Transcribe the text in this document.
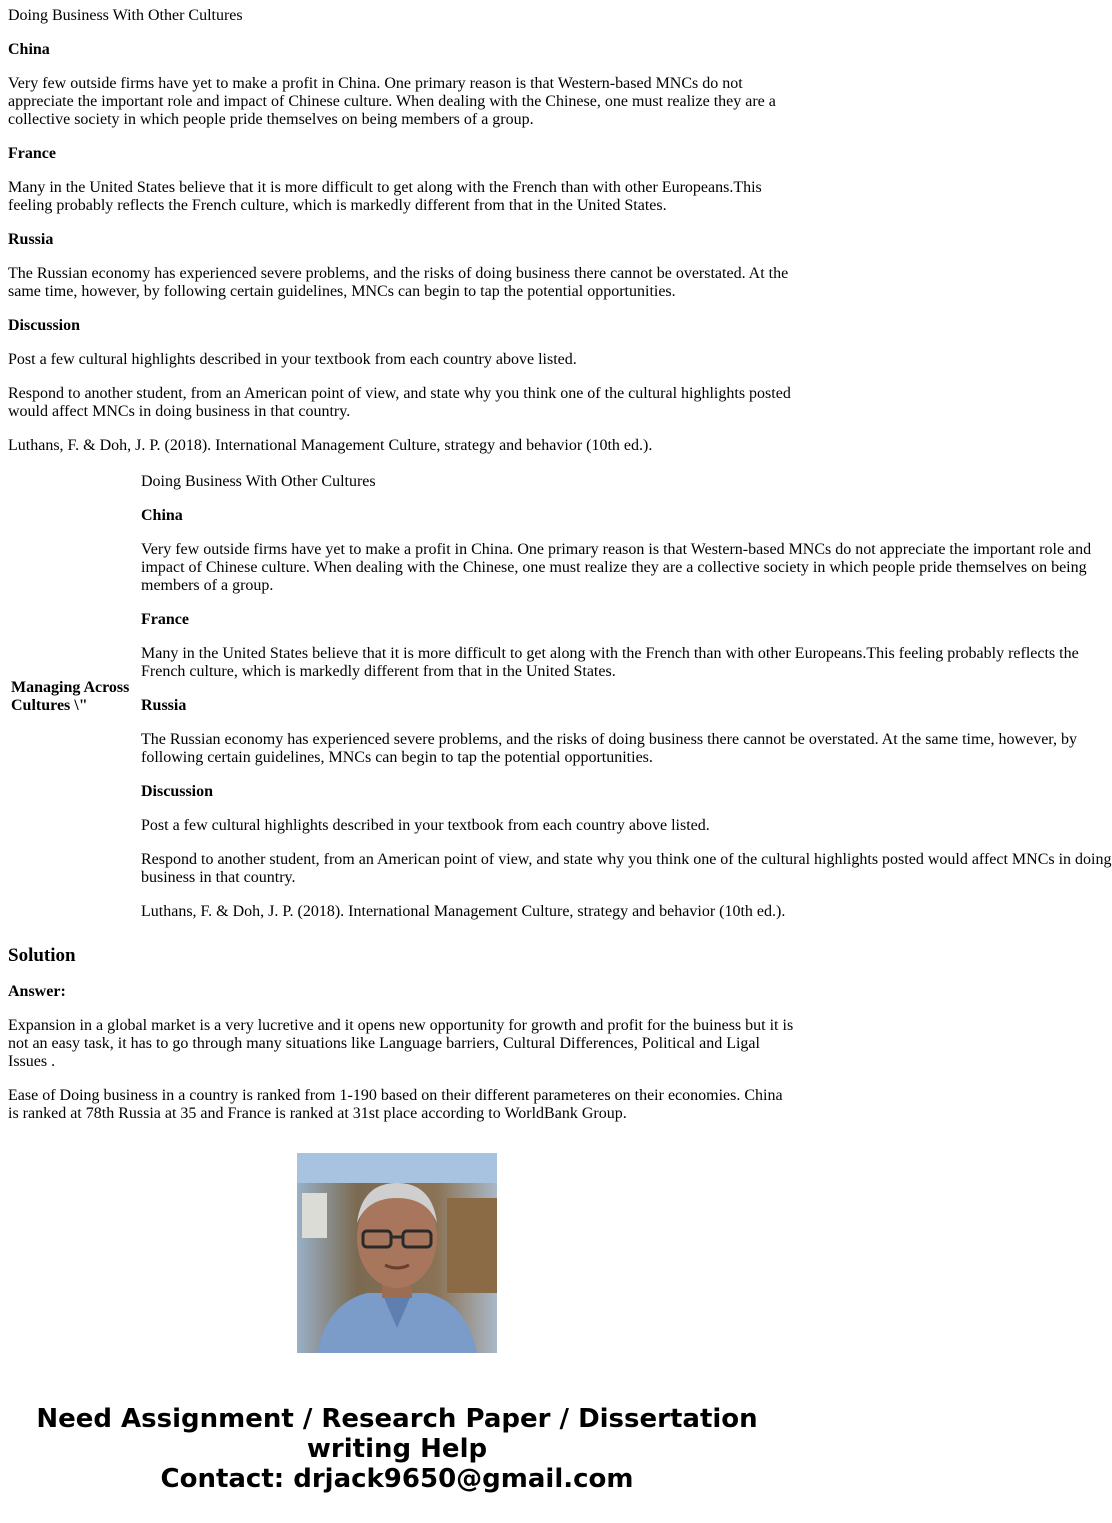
Doing Business With Other Cultures

China

Very few outside firms have yet to make a profit in China. One primary reason is that Western-based MNCs do not appreciate the important role and impact of Chinese culture. When dealing with the Chinese, one must realize they are a collective society in which people pride themselves on being members of a group.

France

Many in the United States believe that it is more difficult to get along with the French than with other Europeans.This feeling probably reflects the French culture, which is markedly different from that in the United States.

Russia

The Russian economy has experienced severe problems, and the risks of doing business there cannot be overstated. At the same time, however, by following certain guidelines, MNCs can begin to tap the potential opportunities.

Discussion

Post a few cultural highlights described in your textbook from each country above listed.

Respond to another student, from an American point of view, and state why you think one of the cultural highlights posted would affect MNCs in doing business in that country.

Luthans, F. & Doh, J. P. (2018). International Management Culture, strategy and behavior (10th ed.).

Managing Across
Cultures \"

Doing Business With Other Cultures

China

Very few outside firms have yet to make a profit in China. One primary reason is that Western-based MNCs do not appreciate the important role and
impact of Chinese culture. When dealing with the Chinese, one must realize they are a collective society in which people pride themselves on being
members of a group.

France

Many in the United States believe that it is more difficult to get along with the French than with other Europeans.This feeling probably reflects the
French culture, which is markedly different from that in the United States.

Russia

The Russian economy has experienced severe problems, and the risks of doing business there cannot be overstated. At the same time, however, by
following certain guidelines, MNCs can begin to tap the potential opportunities.

Discussion

Post a few cultural highlights described in your textbook from each country above listed.

Respond to another student, from an American point of view, and state why you think one of the cultural highlights posted would affect MNCs in doing
business in that country.

Luthans, F. & Doh, J. P. (2018). International Management Culture, strategy and behavior (10th ed.).

Solution

Answer:

Expansion in a global market is a very lucretive and it opens new opportunity for growth and profit for the buiness but it is not an easy task, it has to go through many situations like Language barriers, Cultural Differences, Political and Ligal Issues .

Ease of Doing business in a country is ranked from 1-190 based on their different parameteres on their economies. China is ranked at 78th Russia at 35 and France is ranked at 31st place according to WorldBank Group.

Need Assignment / Research Paper / Dissertation
writing Help
Contact: drjack9650@gmail.com
